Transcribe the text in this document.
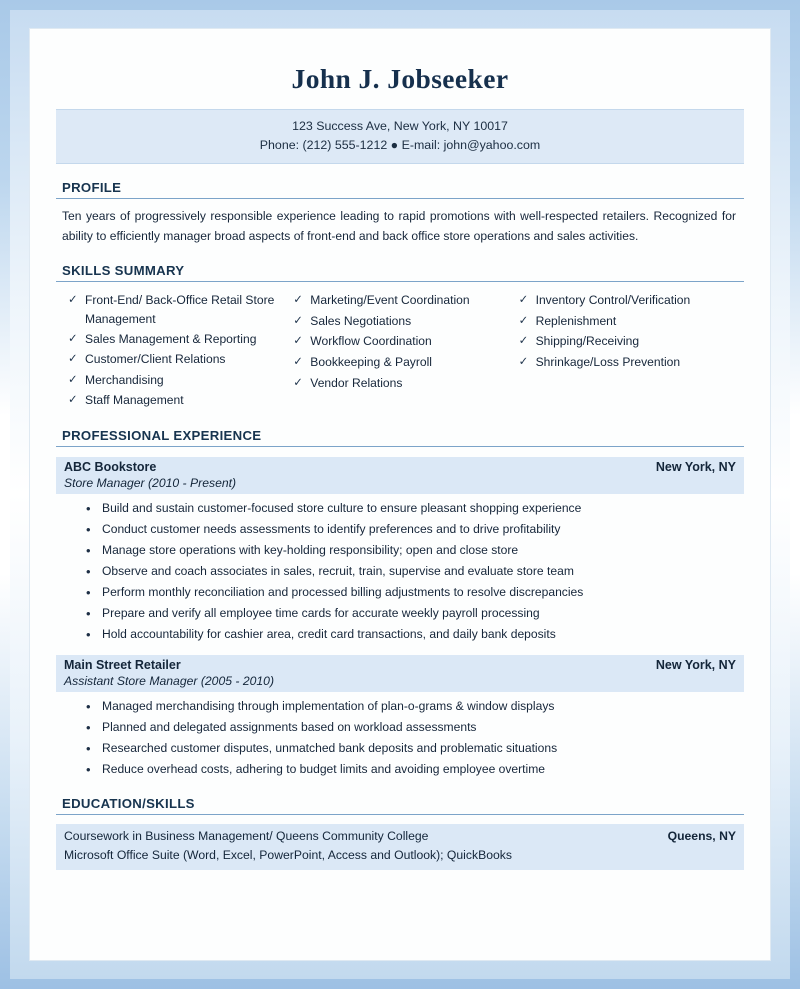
John J. Jobseeker
123 Success Ave, New York, NY 10017
Phone: (212) 555-1212 ● E-mail: john@yahoo.com
PROFILE
Ten years of progressively responsible experience leading to rapid promotions with well-respected retailers. Recognized for ability to efficiently manager broad aspects of front-end and back office store operations and sales activities.
SKILLS SUMMARY
✓ Front-End/ Back-Office Retail Store Management
✓ Sales Management & Reporting
✓ Customer/Client Relations
✓ Merchandising
✓ Staff Management
✓ Marketing/Event Coordination
✓ Sales Negotiations
✓ Workflow Coordination
✓ Bookkeeping & Payroll
✓ Vendor Relations
✓ Inventory Control/Verification
✓ Replenishment
✓ Shipping/Receiving
✓ Shrinkage/Loss Prevention
PROFESSIONAL EXPERIENCE
ABC Bookstore	New York, NY
Store Manager (2010 - Present)
• Build and sustain customer-focused store culture to ensure pleasant shopping experience
• Conduct customer needs assessments to identify preferences and to drive profitability
• Manage store operations with key-holding responsibility; open and close store
• Observe and coach associates in sales, recruit, train, supervise and evaluate store team
• Perform monthly reconciliation and processed billing adjustments to resolve discrepancies
• Prepare and verify all employee time cards for accurate weekly payroll processing
• Hold accountability for cashier area, credit card transactions, and daily bank deposits
Main Street Retailer	New York, NY
Assistant Store Manager (2005 - 2010)
• Managed merchandising through implementation of plan-o-grams & window displays
• Planned and delegated assignments based on workload assessments
• Researched customer disputes, unmatched bank deposits and problematic situations
• Reduce overhead costs, adhering to budget limits and avoiding employee overtime
EDUCATION/SKILLS
Coursework in Business Management/ Queens Community College	Queens, NY
Microsoft Office Suite (Word, Excel, PowerPoint, Access and Outlook); QuickBooks
